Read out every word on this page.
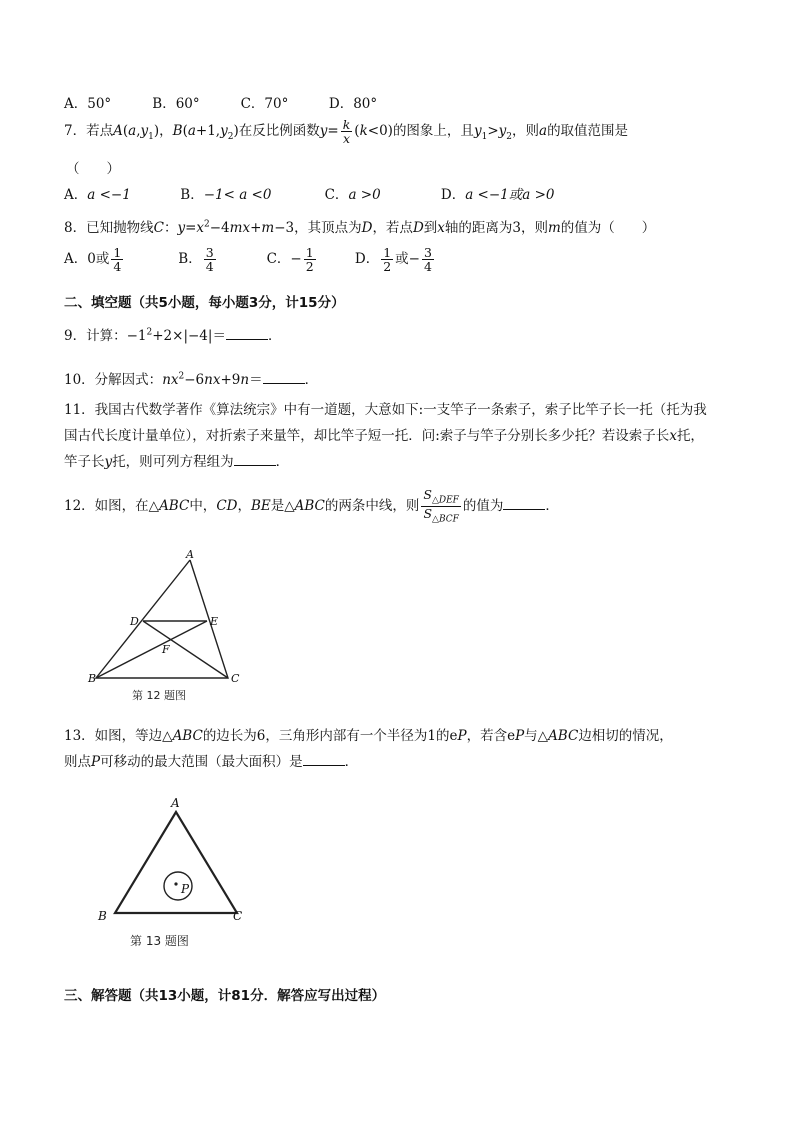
A．50°	B．60°	C．70°	D．80°
7．若点$A(a,y_1)$，$B(a+1,y_2)$在反比例函数$y= \frac{k}{x} (k<0)$的图象上，且$y_1>y_2$，则a的取值范围是
（　　）
A．a <−1	B．−1< a <0	C．a >0	D．a <−1或a >0
8．已知抛物线C：$y=x^2-4mx+m-3$，其顶点为D，若点D到x轴的距离为3，则m的值为（　　）
A．0或 $\frac{1}{4}$	B． $\frac{3}{4}$	C．− $\frac{1}{2}$	D． $\frac{1}{2}$ 或− $\frac{3}{4}$
二、填空题（共5小题，每小题3分，计15分）
9．计算：$-1^2+2\times|-4|=$	．
10．分解因式：$nx^2-6nx+9n=$	．
11．我国古代数学著作《算法统宗》中有一道题，大意如下:一支竿子一条索子，索子比竿子长一托（托为我
国古代长度计量单位），对折索子来量竿，却比竿子短一托．问:索子与竿子分别长多少托？若设索子长x托，
竿子长y托，则可列方程组为	．
12．如图，在△ABC中，CD，BE是△ABC的两条中线，则 $\frac{S_{\triangle DEF}}{S_{\triangle BCF}}$ 的值为	．
A
B	C
D	E
F
第 12 题图
13．如图，等边△ABC的边长为6，三角形内部有一个半径为1的eP，若含eP与△ABC边相切的情况，
则点P可移动的最大范围（最大面积）是	．
A
B	C
P
第 13 题图
三、解答题（共13小题，计81分．解答应写出过程）
